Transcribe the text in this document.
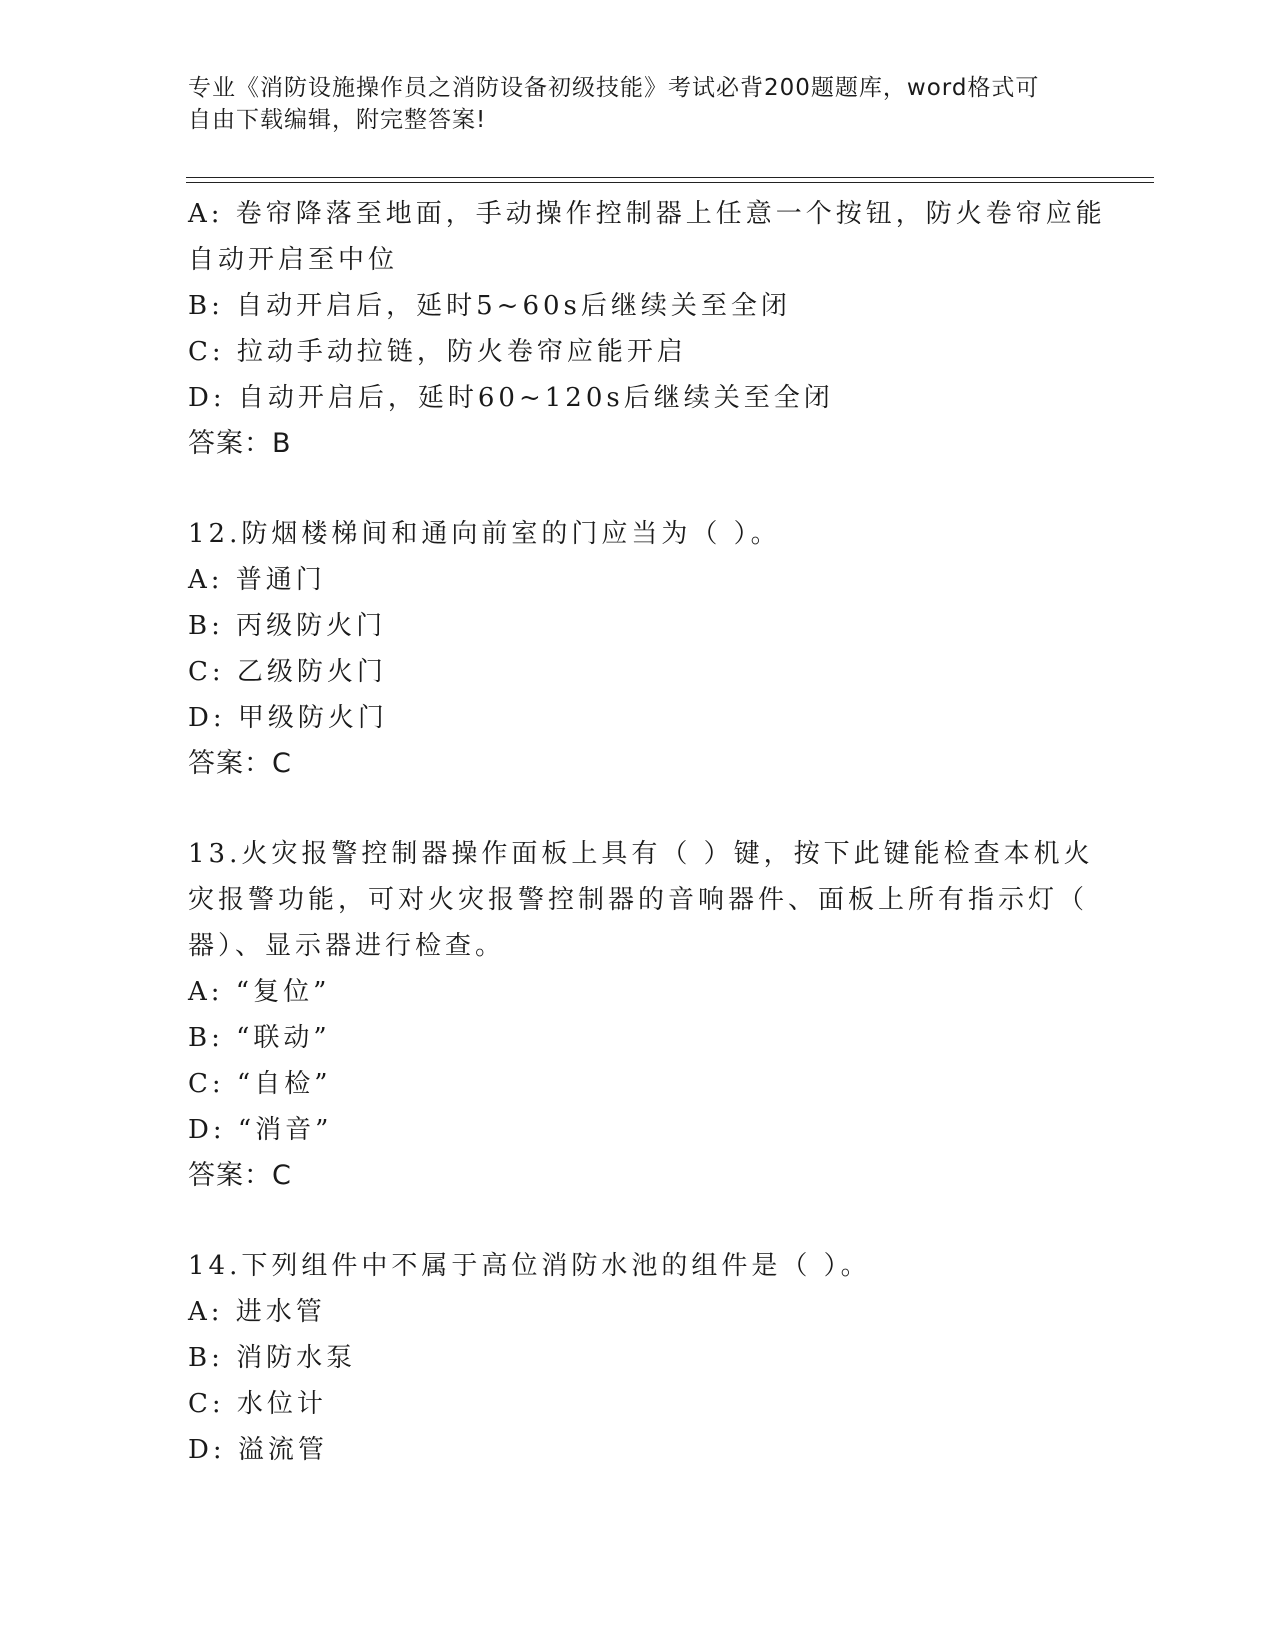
专业《消防设施操作员之消防设备初级技能》考试必背200题题库，word格式可
自由下载编辑，附完整答案!
A: 卷帘降落至地面，手动操作控制器上任意一个按钮，防火卷帘应能
自动开启至中位
B: 自动开启后，延时5~60s后继续关至全闭
C: 拉动手动拉链，防火卷帘应能开启
D: 自动开启后，延时60~120s后继续关至全闭
答案：B
12.防烟楼梯间和通向前室的门应当为（ ）。
A: 普通门
B: 丙级防火门
C: 乙级防火门
D: 甲级防火门
答案：C
13.火灾报警控制器操作面板上具有（ ）键，按下此键能检查本机火
灾报警功能，可对火灾报警控制器的音响器件、面板上所有指示灯（
器）、显示器进行检查。
A: “复位”
B: “联动”
C: “自检”
D: “消音”
答案：C
14.下列组件中不属于高位消防水池的组件是（ ）。
A: 进水管
B: 消防水泵
C: 水位计
D: 溢流管
